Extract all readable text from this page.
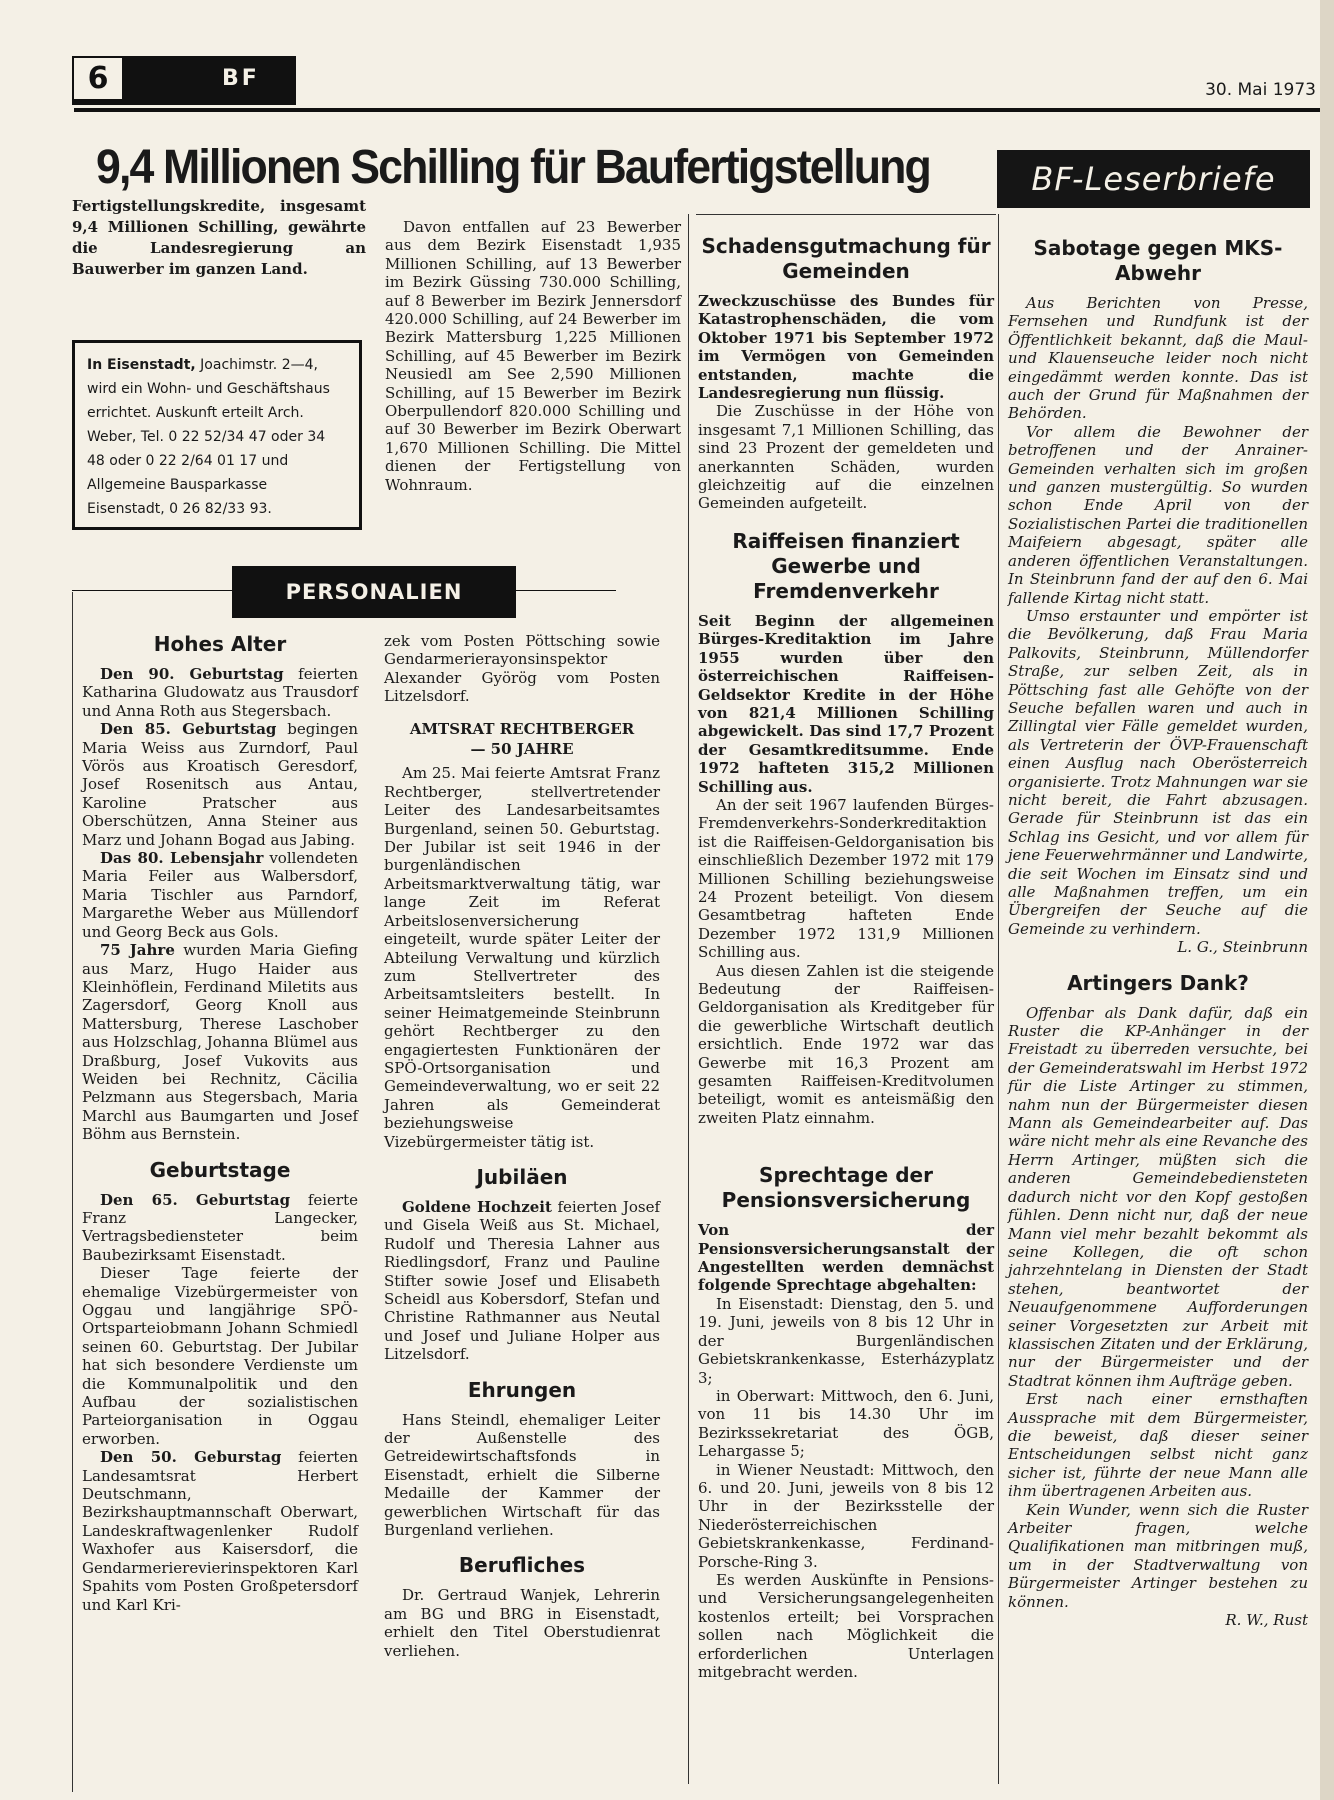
6	BF	30. Mai 1973
9,4 Millionen Schilling für Baufertigstellung	BF-Leserbriefe
Fertigstellungskredite, insgesamt 9,4 Millionen Schilling, gewährte die Landesregierung an Bauwerber im ganzen Land.
In Eisenstadt, Joachimstr. 2—4, wird ein Wohn- und Geschäftshaus errichtet. Auskunft erteilt Arch. Weber, Tel. 0 22 52/34 47 oder 34 48 oder 0 22 2/64 01 17 und Allgemeine Bausparkasse Eisenstadt, 0 26 82/33 93.

Davon entfallen auf 23 Bewerber aus dem Bezirk Eisenstadt 1,935 Millionen Schilling, auf 13 Bewerber im Bezirk Güssing 730.000 Schilling, auf 8 Bewerber im Bezirk Jennersdorf 420.000 Schilling, auf 24 Bewerber im Bezirk Mattersburg 1,225 Millionen Schilling, auf 45 Bewerber im Bezirk Neusiedl am See 2,590 Millionen Schilling, auf 15 Bewerber im Bezirk Oberpullendorf 820.000 Schilling und auf 30 Bewerber im Bezirk Oberwart 1,670 Millionen Schilling. Die Mittel dienen der Fertigstellung von Wohnraum.

PERSONALIEN
Hohes Alter

Den 90. Geburtstag feierten Katharina Gludowatz aus Trausdorf und Anna Roth aus Stegersbach.

Den 85. Geburtstag begingen Maria Weiss aus Zurndorf, Paul Vörös aus Kroatisch Geresdorf, Josef Rosenitsch aus Antau, Karoline Pratscher aus Oberschützen, Anna Steiner aus Marz und Johann Bogad aus Jabing.

Das 80. Lebensjahr vollendeten Maria Feiler aus Walbersdorf, Maria Tischler aus Parndorf, Margarethe Weber aus Müllendorf und Georg Beck aus Gols.

75 Jahre wurden Maria Giefing aus Marz, Hugo Haider aus Kleinhöflein, Ferdinand Miletits aus Zagersdorf, Georg Knoll aus Mattersburg, Therese Laschober aus Holzschlag, Johanna Blümel aus Draßburg, Josef Vukovits aus Weiden bei Rechnitz, Cäcilia Pelzmann aus Stegersbach, Maria Marchl aus Baumgarten und Josef Böhm aus Bernstein.

Geburtstage

Den 65. Geburtstag feierte Franz Langecker, Vertragsbediensteter beim Baubezirksamt Eisenstadt.

Dieser Tage feierte der ehemalige Vizebürgermeister von Oggau und langjährige SPÖ-Ortsparteiobmann Johann Schmiedl seinen 60. Geburtstag. Der Jubilar hat sich besondere Verdienste um die Kommunalpolitik und den Aufbau der sozialistischen Parteiorganisation in Oggau erworben.

Den 50. Geburstag feierten Landesamtsrat Herbert Deutschmann, Bezirkshauptmannschaft Oberwart, Landeskraftwagenlenker Rudolf Waxhofer aus Kaisersdorf, die Gendarmerierevierinspektoren Karl Spahits vom Posten Großpetersdorf und Karl Kri-

zek vom Posten Pöttsching sowie Gendarmerierayonsinspektor Alexander Györög vom Posten Litzelsdorf.

AMTSRAT RECHTBERGER
— 50 JAHRE

Am 25. Mai feierte Amtsrat Franz Rechtberger, stellvertretender Leiter des Landesarbeitsamtes Burgenland, seinen 50. Geburtstag. Der Jubilar ist seit 1946 in der burgenländischen Arbeitsmarktverwaltung tätig, war lange Zeit im Referat Arbeitslosenversicherung eingeteilt, wurde später Leiter der Abteilung Verwaltung und kürzlich zum Stellvertreter des Arbeitsamtsleiters bestellt. In seiner Heimatgemeinde Steinbrunn gehört Rechtberger zu den engagiertesten Funktionären der SPÖ-Ortsorganisation und Gemeindeverwaltung, wo er seit 22 Jahren als Gemeinderat beziehungsweise Vizebürgermeister tätig ist.

Jubiläen

Goldene Hochzeit feierten Josef und Gisela Weiß aus St. Michael, Rudolf und Theresia Lahner aus Riedlingsdorf, Franz und Pauline Stifter sowie Josef und Elisabeth Scheidl aus Kobersdorf, Stefan und Christine Rathmanner aus Neutal und Josef und Juliane Holper aus Litzelsdorf.

Ehrungen

Hans Steindl, ehemaliger Leiter der Außenstelle des Getreidewirtschaftsfonds in Eisenstadt, erhielt die Silberne Medaille der Kammer der gewerblichen Wirtschaft für das Burgenland verliehen.

Berufliches

Dr. Gertraud Wanjek, Lehrerin am BG und BRG in Eisenstadt, erhielt den Titel Oberstudienrat verliehen.

Schadensgutmachung für Gemeinden

Zweckzuschüsse des Bundes für Katastrophenschäden, die vom Oktober 1971 bis September 1972 im Vermögen von Gemeinden entstanden, machte die Landesregierung nun flüssig.

Die Zuschüsse in der Höhe von insgesamt 7,1 Millionen Schilling, das sind 23 Prozent der gemeldeten und anerkannten Schäden, wurden gleichzeitig auf die einzelnen Gemeinden aufgeteilt.

Raiffeisen finanziert Gewerbe und Fremdenverkehr

Seit Beginn der allgemeinen Bürges-Kreditaktion im Jahre 1955 wurden über den österreichischen Raiffeisen-Geldsektor Kredite in der Höhe von 821,4 Millionen Schilling abgewickelt. Das sind 17,7 Prozent der Gesamtkreditsumme. Ende 1972 hafteten 315,2 Millionen Schilling aus.

An der seit 1967 laufenden Bürges-Fremdenverkehrs-Sonderkreditaktion ist die Raiffeisen-Geldorganisation bis einschließlich Dezember 1972 mit 179 Millionen Schilling beziehungsweise 24 Prozent beteiligt. Von diesem Gesamtbetrag hafteten Ende Dezember 1972 131,9 Millionen Schilling aus.

Aus diesen Zahlen ist die steigende Bedeutung der Raiffeisen-Geldorganisation als Kreditgeber für die gewerbliche Wirtschaft deutlich ersichtlich. Ende 1972 war das Gewerbe mit 16,3 Prozent am gesamten Raiffeisen-Kreditvolumen beteiligt, womit es anteismäßig den zweiten Platz einnahm.

Sprechtage der Pensionsversicherung

Von der Pensionsversicherungsanstalt der Angestellten werden demnächst folgende Sprechtage abgehalten:

In Eisenstadt: Dienstag, den 5. und 19. Juni, jeweils von 8 bis 12 Uhr in der Burgenländischen Gebietskrankenkasse, Esterházyplatz 3;

in Oberwart: Mittwoch, den 6. Juni, von 11 bis 14.30 Uhr im Bezirkssekretariat des ÖGB, Lehargasse 5;

in Wiener Neustadt: Mittwoch, den 6. und 20. Juni, jeweils von 8 bis 12 Uhr in der Bezirksstelle der Niederösterreichischen Gebietskrankenkasse, Ferdinand-Porsche-Ring 3.

Es werden Auskünfte in Pensions- und Versicherungsangelegenheiten kostenlos erteilt; bei Vorsprachen sollen nach Möglichkeit die erforderlichen Unterlagen mitgebracht werden.

Sabotage gegen MKS-Abwehr

Aus Berichten von Presse, Fernsehen und Rundfunk ist der Öffentlichkeit bekannt, daß die Maul- und Klauenseuche leider noch nicht eingedämmt werden konnte. Das ist auch der Grund für Maßnahmen der Behörden.

Vor allem die Bewohner der betroffenen und der Anrainer-Gemeinden verhalten sich im großen und ganzen mustergültig. So wurden schon Ende April von der Sozialistischen Partei die traditionellen Maifeiern abgesagt, später alle anderen öffentlichen Veranstaltungen. In Steinbrunn fand der auf den 6. Mai fallende Kirtag nicht statt.

Umso erstaunter und empörter ist die Bevölkerung, daß Frau Maria Palkovits, Steinbrunn, Müllendorfer Straße, zur selben Zeit, als in Pöttsching fast alle Gehöfte von der Seuche befallen waren und auch in Zillingtal vier Fälle gemeldet wurden, als Vertreterin der ÖVP-Frauenschaft einen Ausflug nach Oberösterreich organisierte. Trotz Mahnungen war sie nicht bereit, die Fahrt abzusagen. Gerade für Steinbrunn ist das ein Schlag ins Gesicht, und vor allem für jene Feuerwehrmänner und Landwirte, die seit Wochen im Einsatz sind und alle Maßnahmen treffen, um ein Übergreifen der Seuche auf die Gemeinde zu verhindern.

L. G., Steinbrunn

Artingers Dank?

Offenbar als Dank dafür, daß ein Ruster die KP-Anhänger in der Freistadt zu überreden versuchte, bei der Gemeinderatswahl im Herbst 1972 für die Liste Artinger zu stimmen, nahm nun der Bürgermeister diesen Mann als Gemeindearbeiter auf. Das wäre nicht mehr als eine Revanche des Herrn Artinger, müßten sich die anderen Gemeindebediensteten dadurch nicht vor den Kopf gestoßen fühlen. Denn nicht nur, daß der neue Mann viel mehr bezahlt bekommt als seine Kollegen, die oft schon jahrzehntelang in Diensten der Stadt stehen, beantwortet der Neuaufgenommene Aufforderungen seiner Vorgesetzten zur Arbeit mit klassischen Zitaten und der Erklärung, nur der Bürgermeister und der Stadtrat können ihm Aufträge geben.

Erst nach einer ernsthaften Aussprache mit dem Bürgermeister, die beweist, daß dieser seiner Entscheidungen selbst nicht ganz sicher ist, führte der neue Mann alle ihm übertragenen Arbeiten aus.

Kein Wunder, wenn sich die Ruster Arbeiter fragen, welche Qualifikationen man mitbringen muß, um in der Stadtverwaltung von Bürgermeister Artinger bestehen zu können.

R. W., Rust
